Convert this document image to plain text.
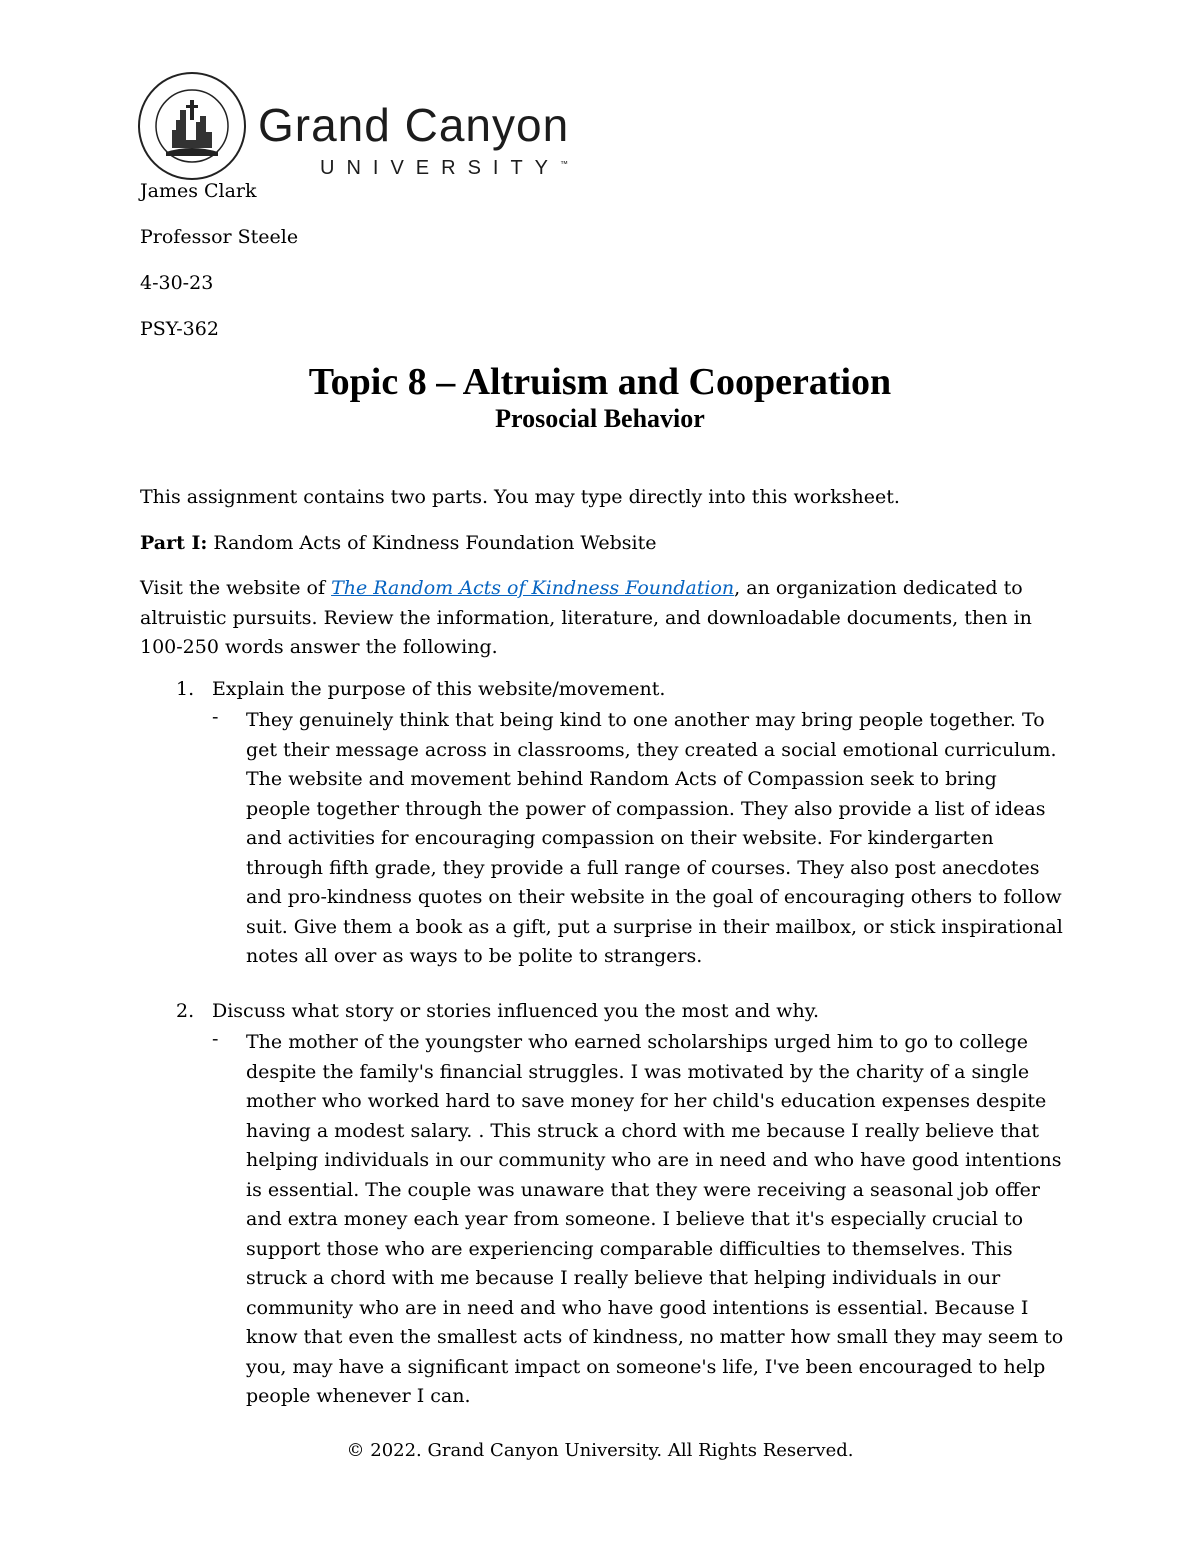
Grand Canyon
UNIVERSITY™
James Clark
Professor Steele
4-30-23
PSY-362
Topic 8 – Altruism and Cooperation
Prosocial Behavior
This assignment contains two parts. You may type directly into this worksheet.
Part I: Random Acts of Kindness Foundation Website
Visit the website of The Random Acts of Kindness Foundation, an organization dedicated to altruistic pursuits. Review the information, literature, and downloadable documents, then in 100-250 words answer the following.
1. Explain the purpose of this website/movement.
- They genuinely think that being kind to one another may bring people together. To get their message across in classrooms, they created a social emotional curriculum. The website and movement behind Random Acts of Compassion seek to bring people together through the power of compassion. They also provide a list of ideas and activities for encouraging compassion on their website. For kindergarten through fifth grade, they provide a full range of courses. They also post anecdotes and pro-kindness quotes on their website in the goal of encouraging others to follow suit. Give them a book as a gift, put a surprise in their mailbox, or stick inspirational notes all over as ways to be polite to strangers.
2. Discuss what story or stories influenced you the most and why.
- The mother of the youngster who earned scholarships urged him to go to college despite the family's financial struggles. I was motivated by the charity of a single mother who worked hard to save money for her child's education expenses despite having a modest salary. . This struck a chord with me because I really believe that helping individuals in our community who are in need and who have good intentions is essential. The couple was unaware that they were receiving a seasonal job offer and extra money each year from someone. I believe that it's especially crucial to support those who are experiencing comparable difficulties to themselves. This struck a chord with me because I really believe that helping individuals in our community who are in need and who have good intentions is essential. Because I know that even the smallest acts of kindness, no matter how small they may seem to you, may have a significant impact on someone's life, I've been encouraged to help people whenever I can.
© 2022. Grand Canyon University. All Rights Reserved.
